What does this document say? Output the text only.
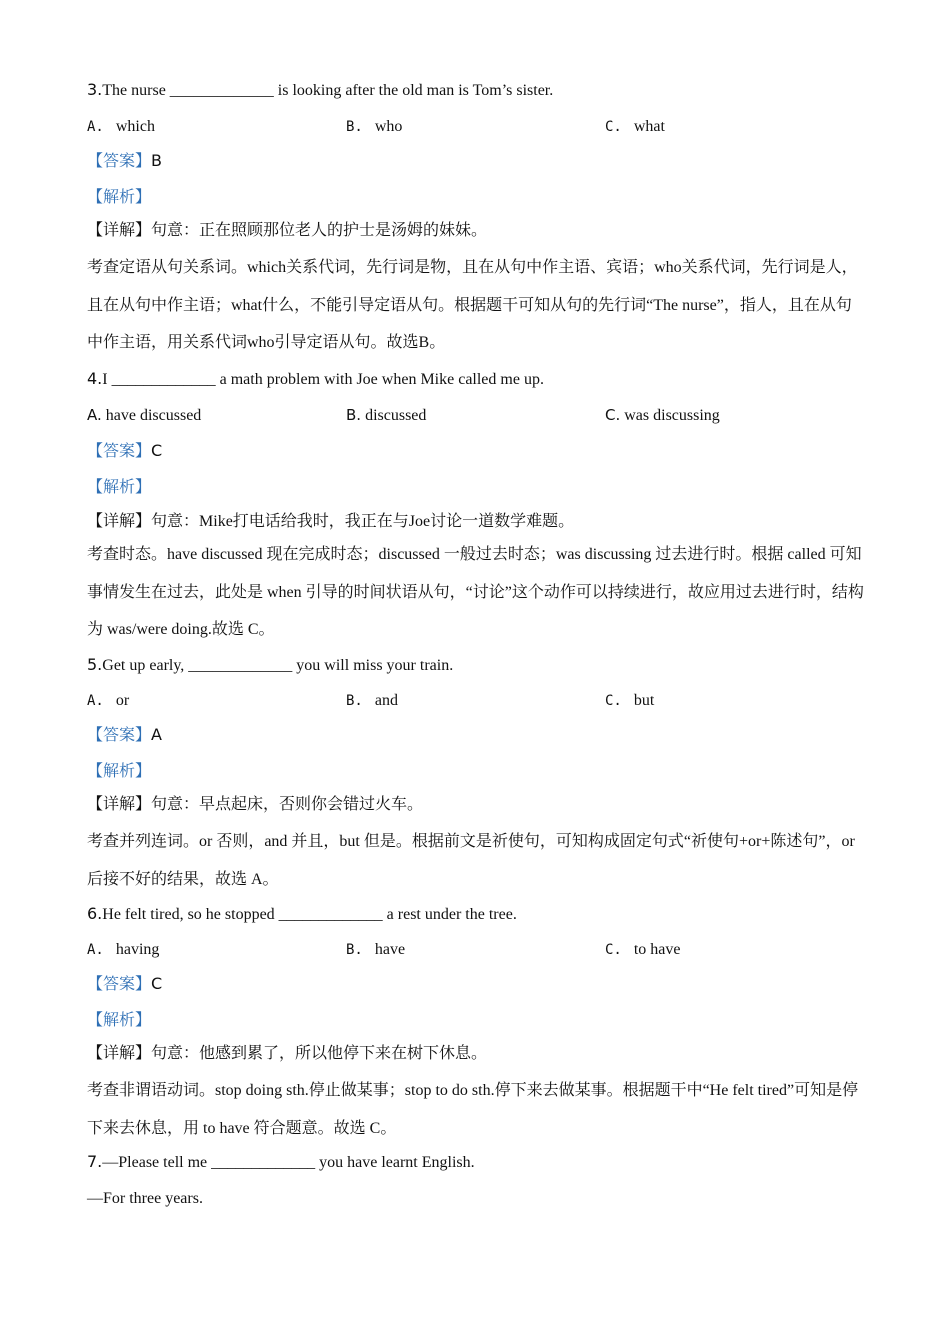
3.The nurse _____________ is looking after the old man is Tom’s sister.
A. which	B. who	C. what
【答案】B
【解析】
【详解】句意：正在照顾那位老人的护士是汤姆的妹妹。
考查定语从句关系词。which关系代词，先行词是物，且在从句中作主语、宾语；who关系代词，先行词是人，且在从句中作主语；what什么，不能引导定语从句。根据题干可知从句的先行词“The nurse”，指人，且在从句中作主语，用关系代词who引导定语从句。故选B。
4.I _____________ a math problem with Joe when Mike called me up.
A. have discussed	B. discussed	C. was discussing
【答案】C
【解析】
【详解】句意：Mike打电话给我时，我正在与Joe讨论一道数学难题。
考查时态。have discussed 现在完成时态；discussed 一般过去时态；was discussing 过去进行时。根据 called 可知事情发生在过去，此处是 when 引导的时间状语从句，“讨论”这个动作可以持续进行，故应用过去进行时，结构为 was/were doing.故选 C。
5.Get up early, _____________ you will miss your train.
A. or	B. and	C. but
【答案】A
【解析】
【详解】句意：早点起床，否则你会错过火车。
考查并列连词。or 否则，and 并且，but 但是。根据前文是祈使句，可知构成固定句式“祈使句+or+陈述句”，or 后接不好的结果，故选 A。
6.He felt tired, so he stopped _____________ a rest under the tree.
A. having	B. have	C. to have
【答案】C
【解析】
【详解】句意：他感到累了，所以他停下来在树下休息。
考查非谓语动词。stop doing sth.停止做某事；stop to do sth.停下来去做某事。根据题干中“He felt tired”可知是停下来去休息，用 to have 符合题意。故选 C。
7.—Please tell me _____________ you have learnt English.
—For three years.
